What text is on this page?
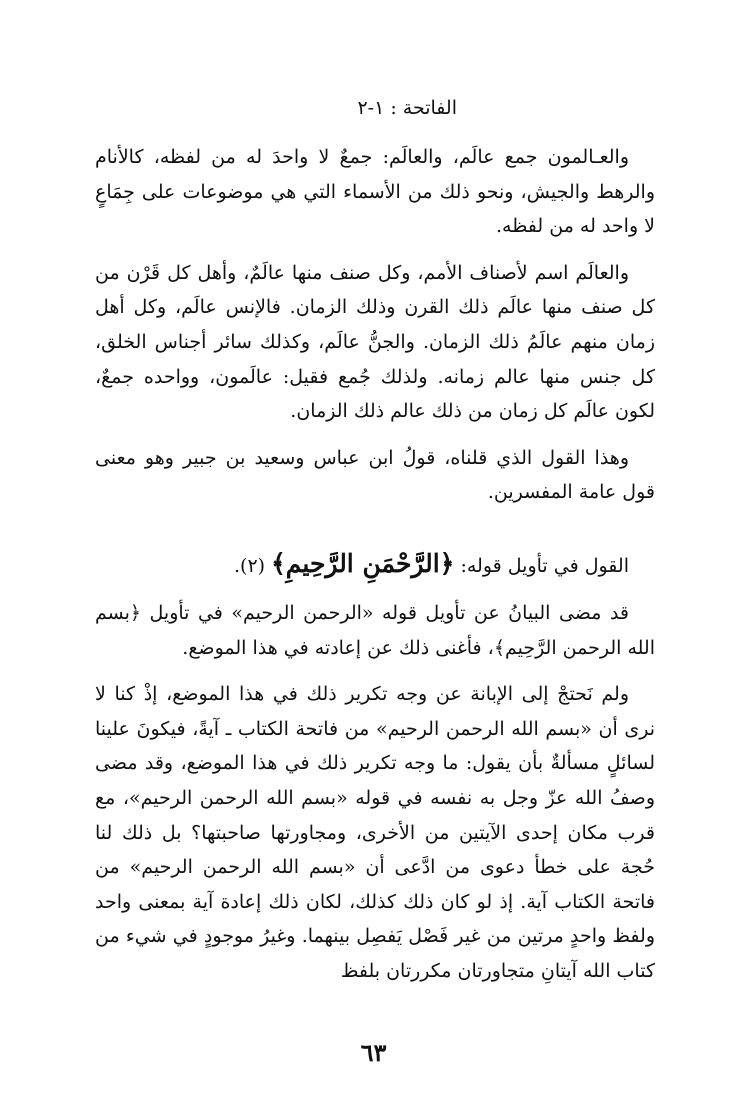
الفاتحة : ١-٢

والعـالمون جمع عالَم، والعالَم: جمعٌ لا واحدَ له من لفظه، كالأنام والرهط والجيش، ونحو ذلك من الأسماء التي هي موضوعات على جِمَاعٍ لا واحد له من لفظه.

والعالَم اسم لأصناف الأمم، وكل صنف منها عالَمٌ، وأهل كل قَرْن من كل صنف منها عالَم ذلك القرن وذلك الزمان. فالإنس عالَم، وكل أهل زمان منهم عالَمُ ذلك الزمان. والجنُّ عالَم، وكذلك سائر أجناس الخلق، كل جنس منها عالم زمانه. ولذلك جُمع فقيل: عالَمون، وواحده جمعٌ، لكون عالَم كل زمان من ذلك عالم ذلك الزمان.

وهذا القول الذي قلناه، قولُ ابن عباس وسعيد بن جبير وهو معنى قول عامة المفسرين.

القول في تأويل قوله: ﴿الرَّحْمَنِ الرَّحِيمِ﴾ (٢).

قد مضى البيانُ عن تأويل قوله «الرحمن الرحيم» في تأويل ﴿بسم الله الرحمن الرَّحِيم﴾، فأغنى ذلك عن إعادته في هذا الموضع.

ولم نَحتجْ إلى الإبانة عن وجه تكرير ذلك في هذا الموضع، إذْ كنا لا نرى أن «بسم الله الرحمن الرحيم» من فاتحة الكتاب ـ آيةً، فيكونَ علينا لسائلٍ مسألةٌ بأن يقول: ما وجه تكرير ذلك في هذا الموضع، وقد مضى وصفُ الله عزّ وجل به نفسه في قوله «بسم الله الرحمن الرحيم»، مع قرب مكان إحدى الآيتين من الأخرى، ومجاورتها صاحبتها؟ بل ذلك لنا حُجة على خطأ دعوى من ادَّعى أن «بسم الله الرحمن الرحيم» من فاتحة الكتاب آية. إذ لو كان ذلك كذلك، لكان ذلك إعادة آية بمعنى واحد ولفظ واحدٍ مرتين من غير فَصْل يَفصِل بينهما. وغيرُ موجودٍ في شيء من كتاب الله آيتانِ متجاورتان مكررتان بلفظ

٦٣
